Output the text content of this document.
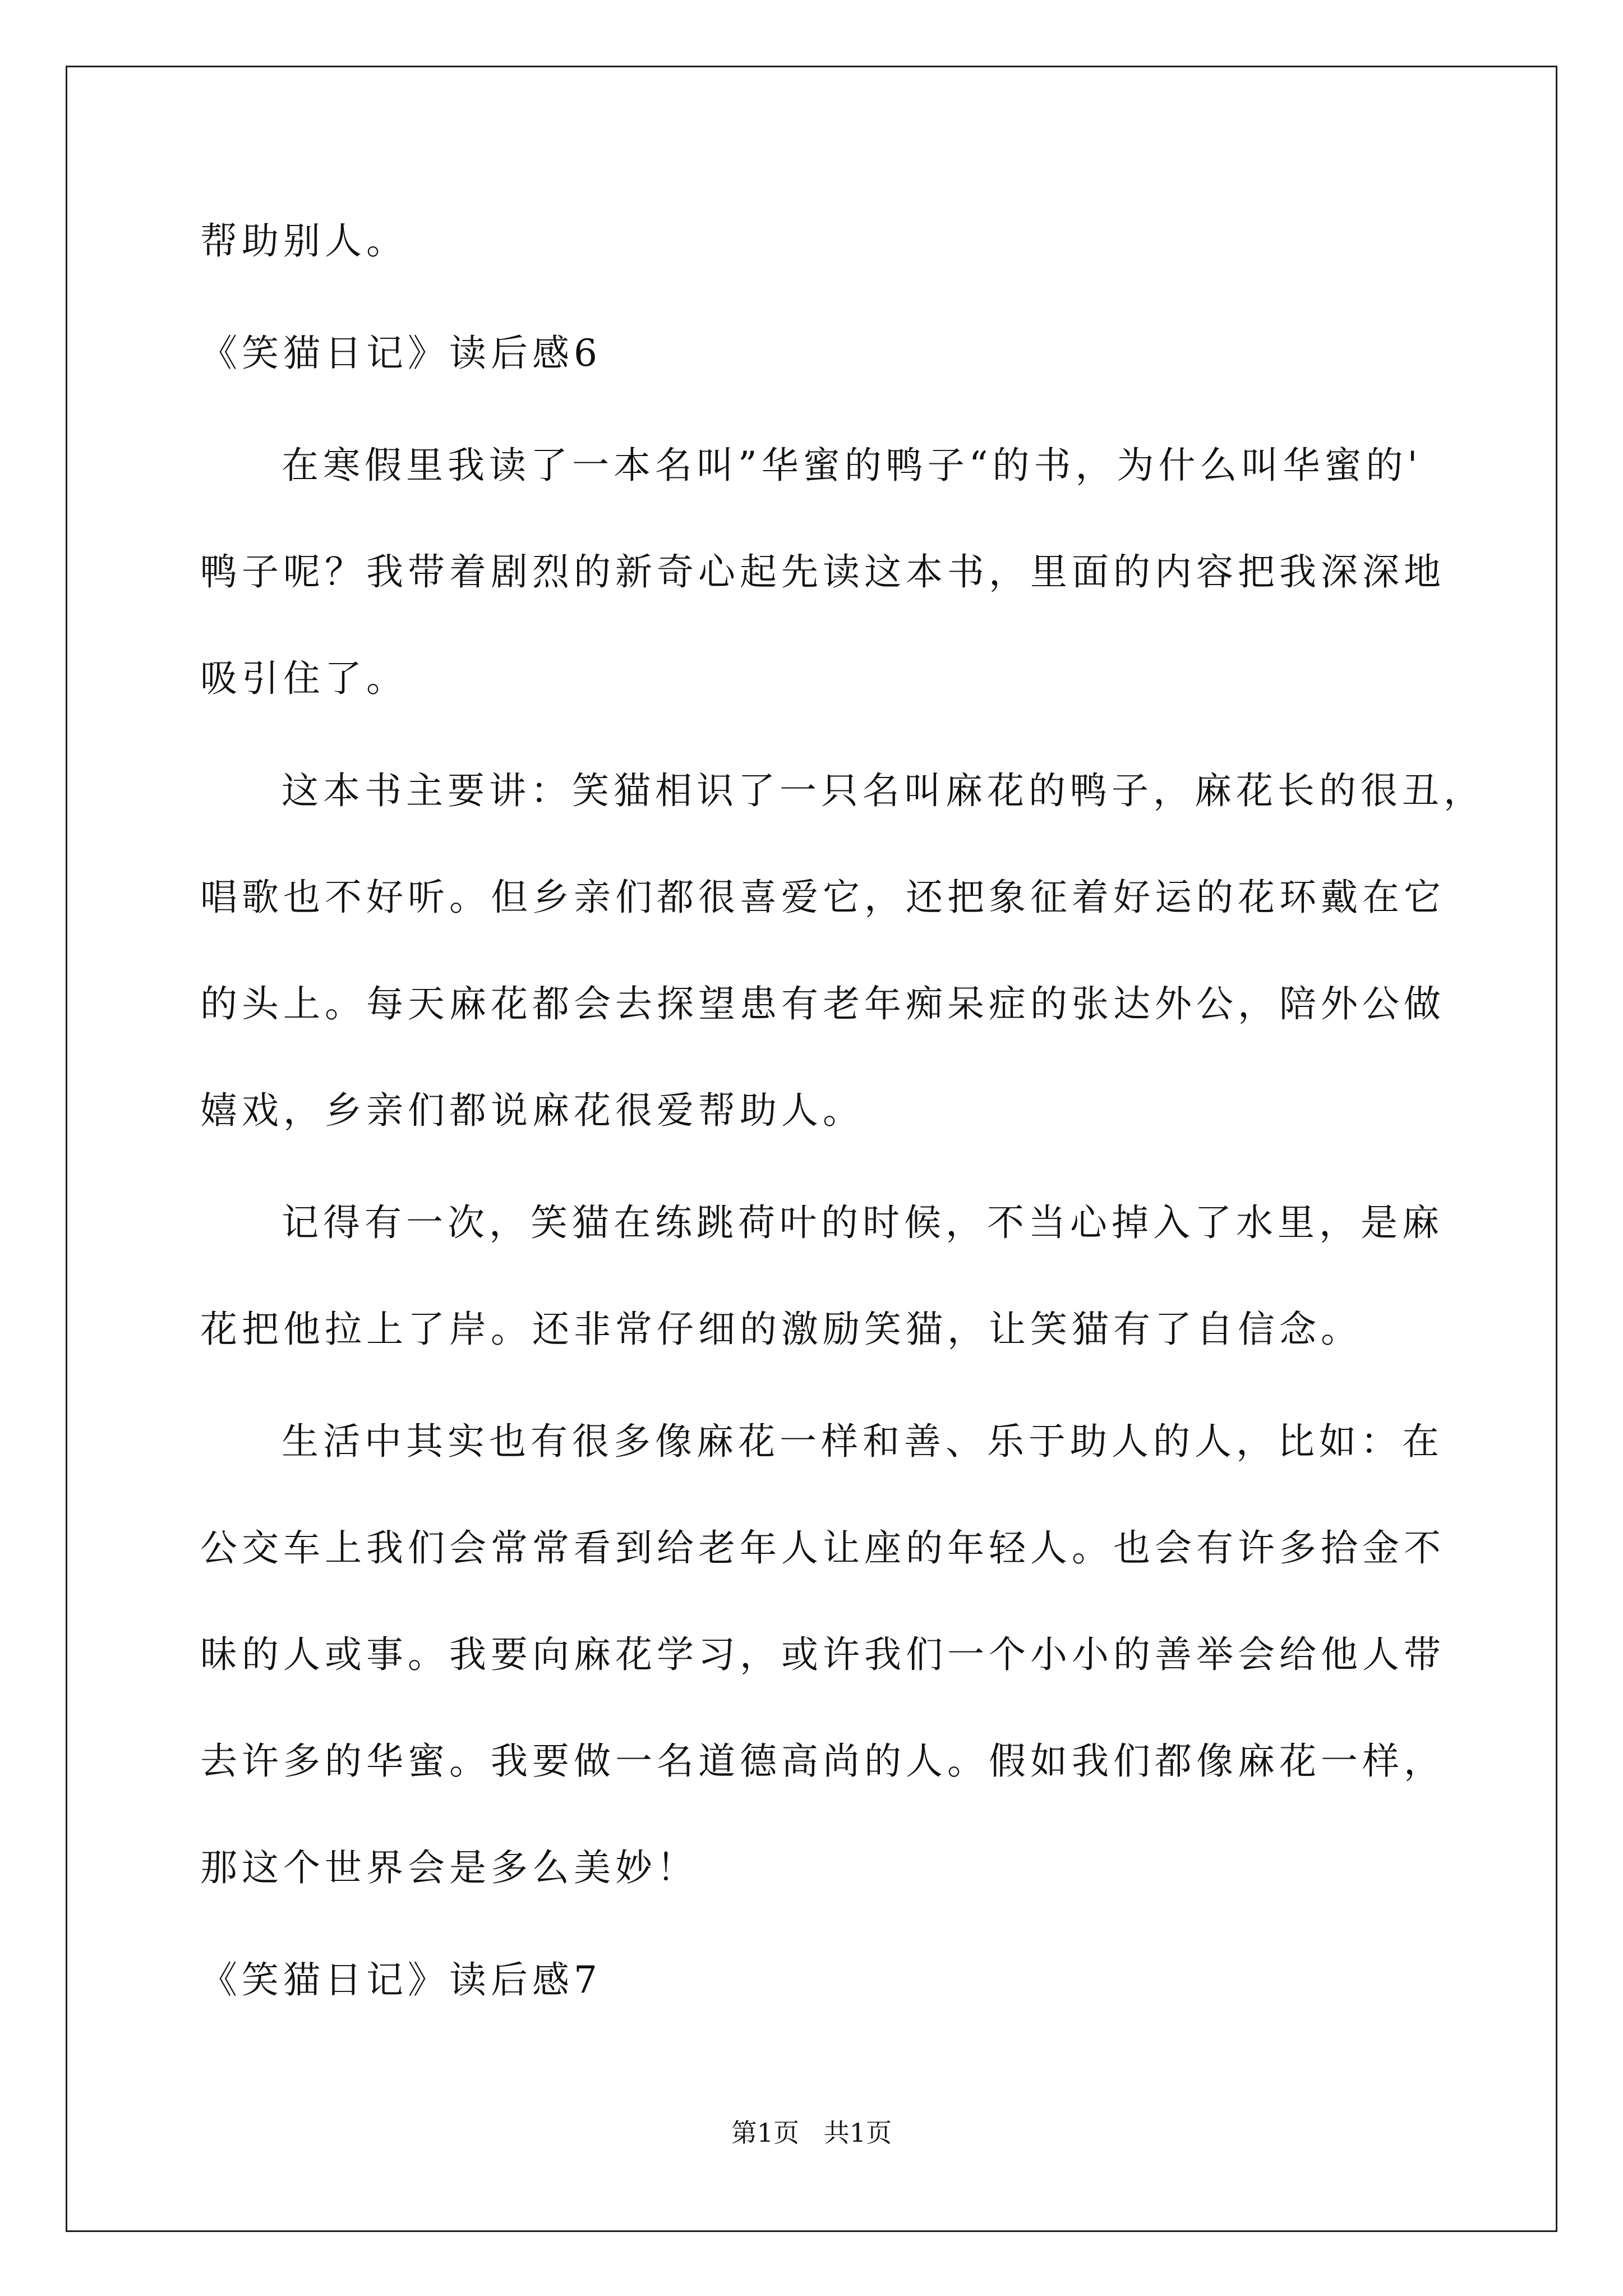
帮助别人。
《笑猫日记》读后感6
在寒假里我读了一本名叫”华蜜的鸭子“的书，为什么叫华蜜的'
鸭子呢？我带着剧烈的新奇心起先读这本书，里面的内容把我深深地
吸引住了。
这本书主要讲：笑猫相识了一只名叫麻花的鸭子，麻花长的很丑，
唱歌也不好听。但乡亲们都很喜爱它，还把象征着好运的花环戴在它
的头上。每天麻花都会去探望患有老年痴呆症的张达外公，陪外公做
嬉戏，乡亲们都说麻花很爱帮助人。
记得有一次，笑猫在练跳荷叶的时候，不当心掉入了水里，是麻
花把他拉上了岸。还非常仔细的激励笑猫，让笑猫有了自信念。
生活中其实也有很多像麻花一样和善、乐于助人的人，比如：在
公交车上我们会常常看到给老年人让座的年轻人。也会有许多拾金不
昧的人或事。我要向麻花学习，或许我们一个小小的善举会给他人带
去许多的华蜜。我要做一名道德高尚的人。假如我们都像麻花一样，
那这个世界会是多么美妙！
《笑猫日记》读后感7
第1页   共1页
